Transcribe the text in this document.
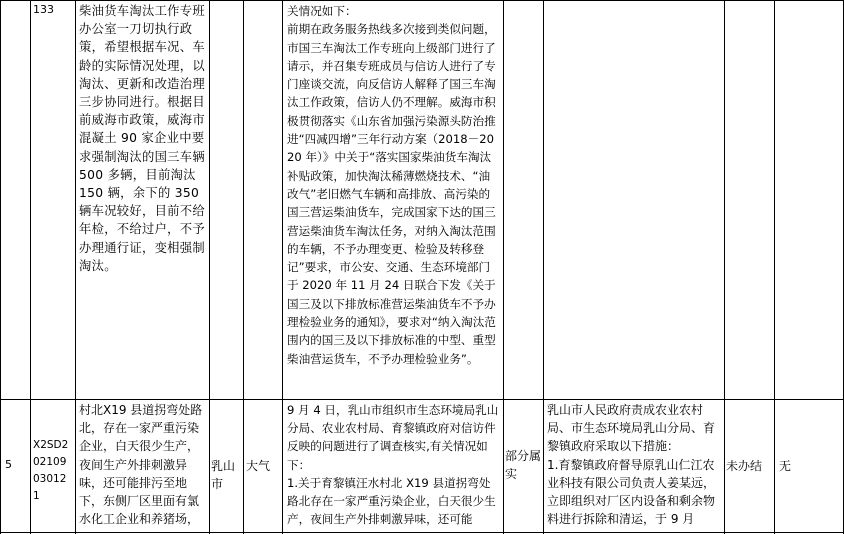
133	柴油货车淘汰工作专班办公室一刀切执行政策，希望根据车况、车龄的实际情况处理，以淘汰、更新和改造治理三步协同进行。根据目前威海市政策，威海市混凝土 90 家企业中要求强制淘汰的国三车辆 500 多辆，目前淘汰 150 辆，余下的 350 辆车况较好，目前不给年检，不给过户，不予办理通行证，变相强制淘汰。
关情况如下：
前期在政务服务热线多次接到类似问题，市国三车淘汰工作专班向上级部门进行了请示，并召集专班成员与信访人进行了专门座谈交流，向反信访人解释了国三车淘汰工作政策，信访人仍不理解。威海市积极贯彻落实《山东省加强污染源头防治推进“四减四增”三年行动方案（2018－2020 年）》中关于“落实国家柴油货车淘汰补贴政策，加快淘汰稀薄燃烧技术、“油改气”老旧燃气车辆和高排放、高污染的国三营运柴油货车，完成国家下达的国三营运柴油货车淘汰任务，对纳入淘汰范围的车辆，不予办理变更、检验及转移登记”要求，市公安、交通、生态环境部门于 2020 年 11 月 24 日联合下发《关于国三及以下排放标准营运柴油货车不予办理检验业务的通知》，要求对“纳入淘汰范围内的国三及以下排放标准的中型、重型柴油营运货车，不予办理检验业务”。
5
X2SD202109030121
村北X19 县道拐弯处路北，存在一家严重污染企业，白天很少生产，夜间生产外排刺激异味，还可能排污至地下，东侧厂区里面有氯水化工企业和养猪场，
乳山市
大气
9 月 4 日，乳山市组织市生态环境局乳山分局、农业农村局、育黎镇政府对信访件反映的问题进行了调查核实,有关情况如下：
1.关于育黎镇汪水村北 X19 县道拐弯处路北存在一家严重污染企业，白天很少生产，夜间生产外排刺激异味，还可能
部分属实
乳山市人民政府责成农业农村局、市生态环境局乳山分局、育黎镇政府采取以下措施：
1.育黎镇政府督导原乳山仁江农业科技有限公司负责人姜某远，立即组织对厂区内设备和剩余物料进行拆除和清运，于 9 月
未办结	无
